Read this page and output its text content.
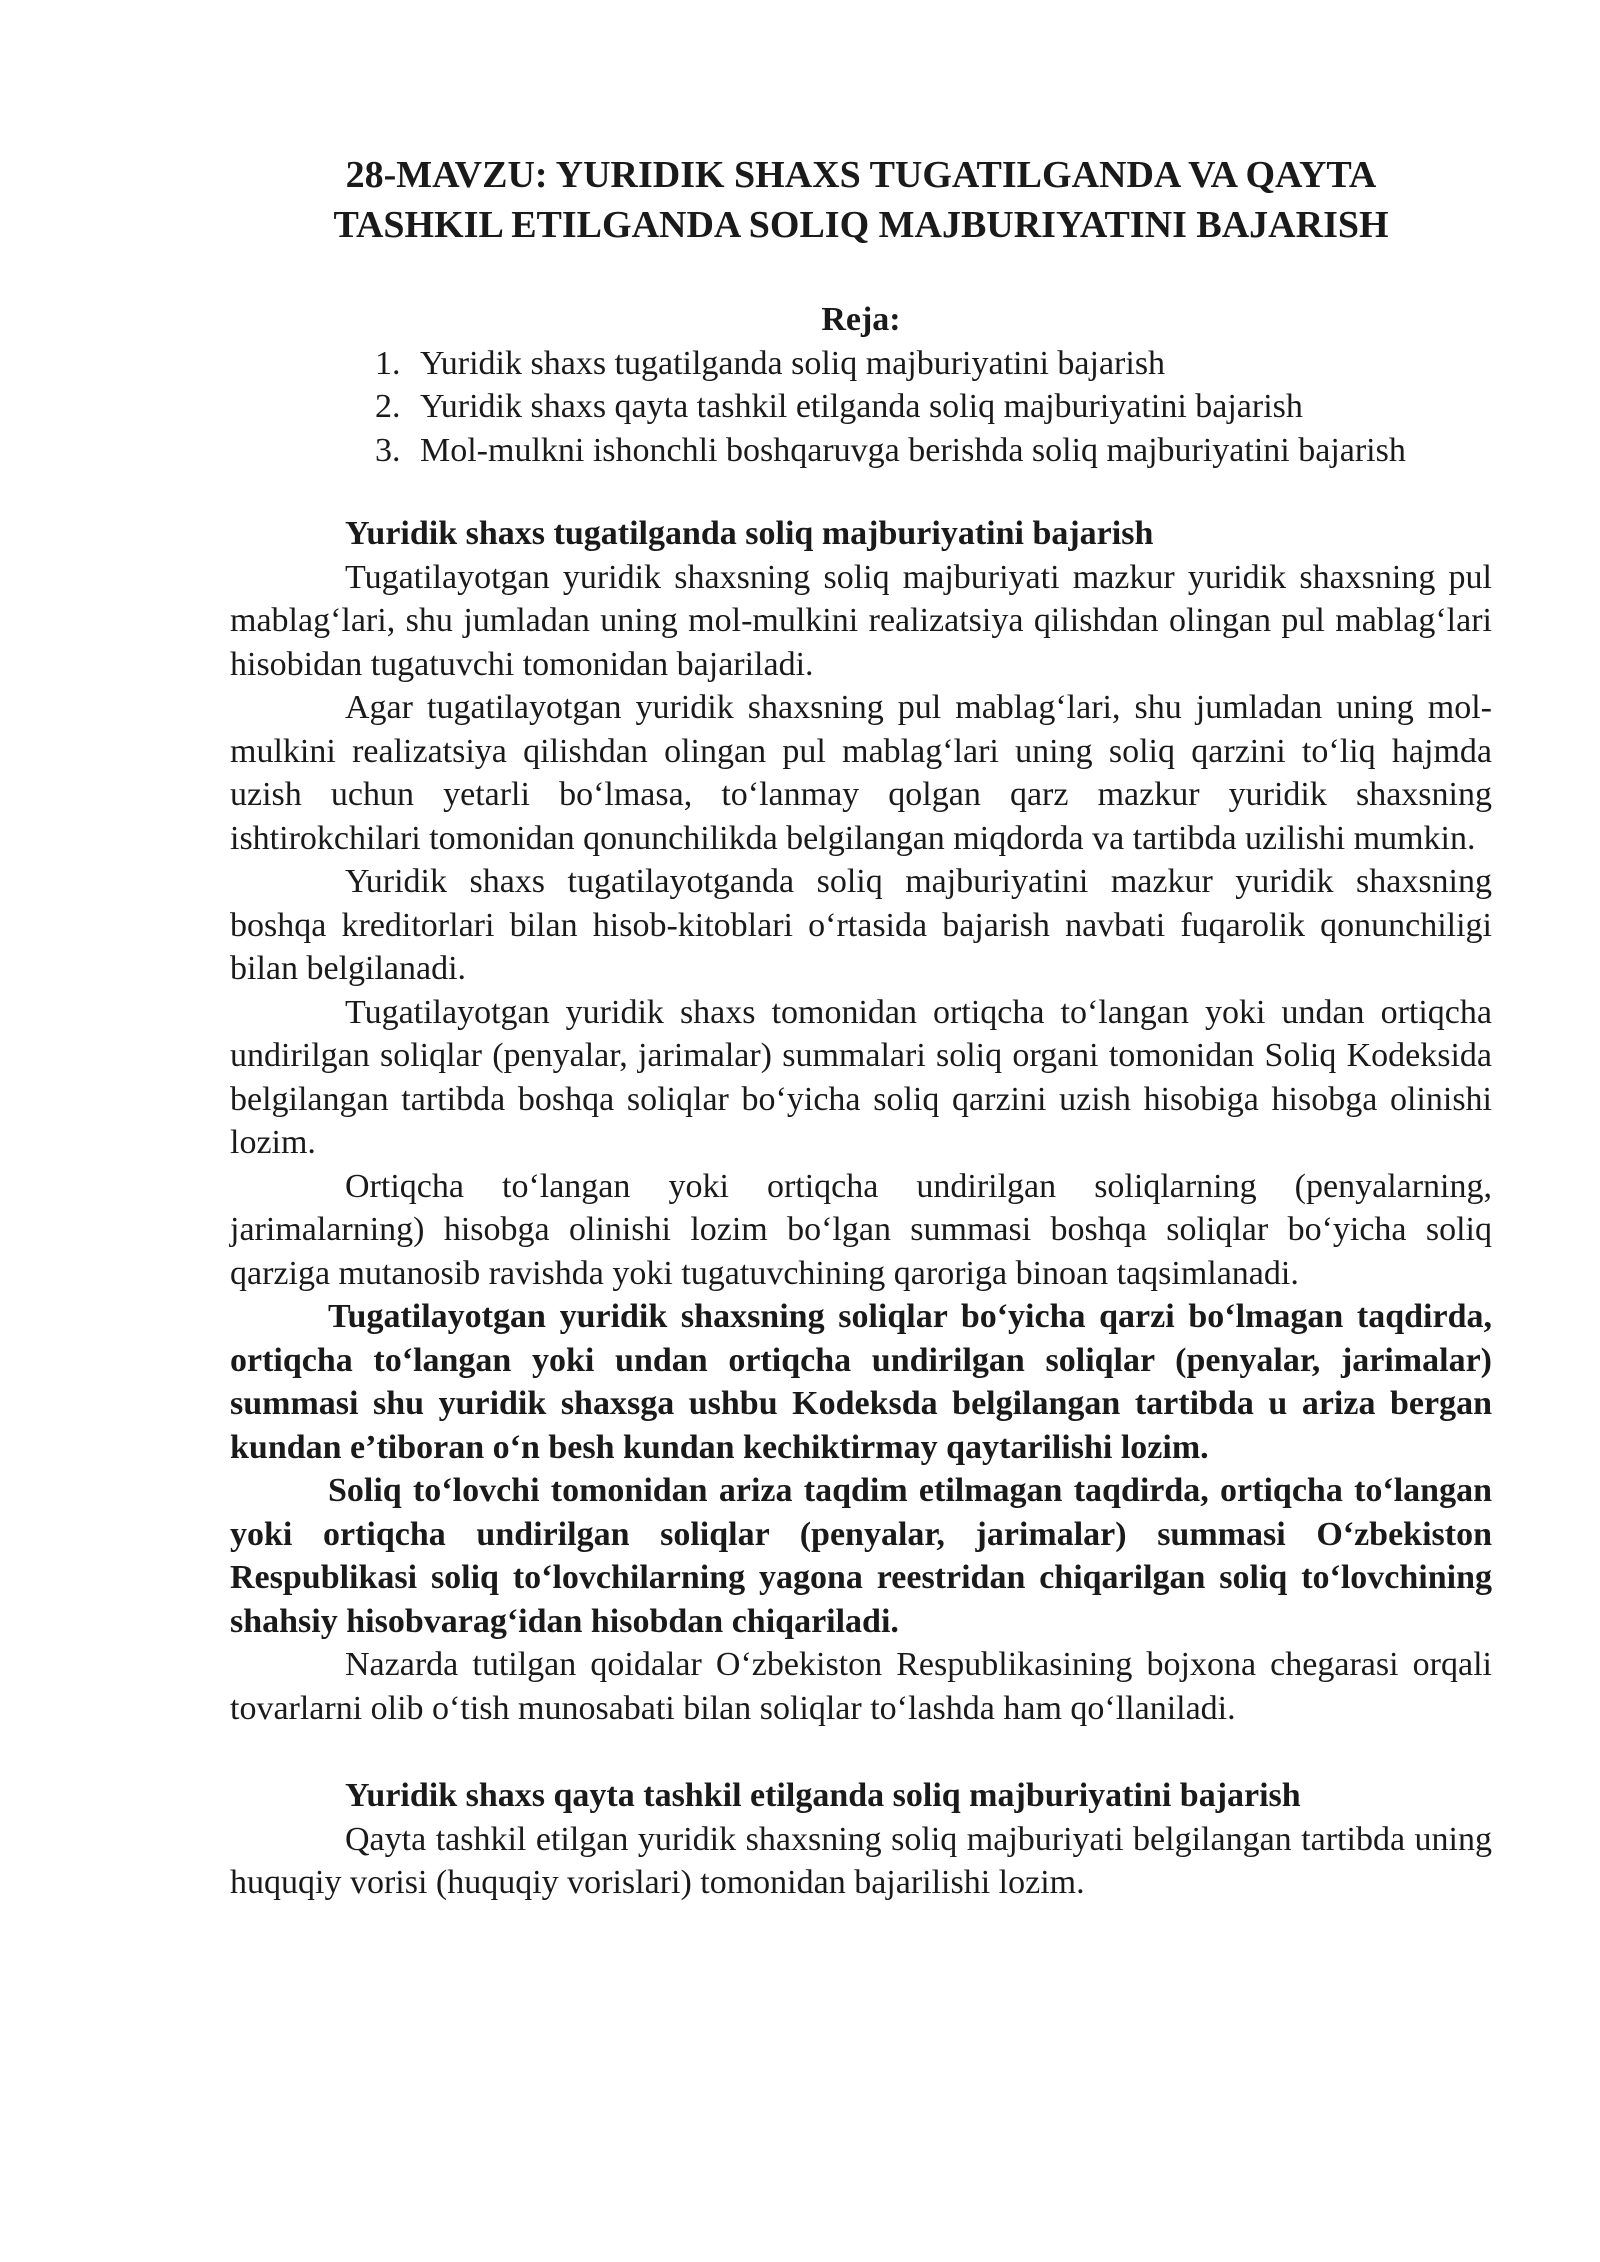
28-MAVZU: YURIDIK SHAXS TUGATILGANDA VA QAYTA
TASHKIL ETILGANDA SOLIQ MAJBURIYATINI BAJARISH
Reja:
1. Yuridik shaxs tugatilganda soliq majburiyatini bajarish
2. Yuridik shaxs qayta tashkil etilganda soliq majburiyatini bajarish
3. Mol-mulkni ishonchli boshqaruvga berishda soliq majburiyatini bajarish
Yuridik shaxs tugatilganda soliq majburiyatini bajarish

Tugatilayotgan yuridik shaxsning soliq majburiyati mazkur yuridik shaxsning pul mablag‘lari, shu jumladan uning mol-mulkini realizatsiya qilishdan olingan pul mablag‘lari hisobidan tugatuvchi tomonidan bajariladi.

Agar tugatilayotgan yuridik shaxsning pul mablag‘lari, shu jumladan uning mol-mulkini realizatsiya qilishdan olingan pul mablag‘lari uning soliq qarzini to‘liq hajmda uzish uchun yetarli bo‘lmasa, to‘lanmay qolgan qarz mazkur yuridik shaxsning ishtirokchilari tomonidan qonunchilikda belgilangan miqdorda va tartibda uzilishi mumkin.

Yuridik shaxs tugatilayotganda soliq majburiyatini mazkur yuridik shaxsning boshqa kreditorlari bilan hisob-kitoblari o‘rtasida bajarish navbati fuqarolik qonunchiligi bilan belgilanadi.

Tugatilayotgan yuridik shaxs tomonidan ortiqcha to‘langan yoki undan ortiqcha undirilgan soliqlar (penyalar, jarimalar) summalari soliq organi tomonidan Soliq Kodeksida belgilangan tartibda boshqa soliqlar bo‘yicha soliq qarzini uzish hisobiga hisobga olinishi lozim.

Ortiqcha to‘langan yoki ortiqcha undirilgan soliqlarning (penyalarning, jarimalarning) hisobga olinishi lozim bo‘lgan summasi boshqa soliqlar bo‘yicha soliq qarziga mutanosib ravishda yoki tugatuvchining qaroriga binoan taqsimlanadi.

Tugatilayotgan yuridik shaxsning soliqlar bo‘yicha qarzi bo‘lmagan taqdirda, ortiqcha to‘langan yoki undan ortiqcha undirilgan soliqlar (penyalar, jarimalar) summasi shu yuridik shaxsga ushbu Kodeksda belgilangan tartibda u ariza bergan kundan e’tiboran o‘n besh kundan kechiktirmay qaytarilishi lozim.

Soliq to‘lovchi tomonidan ariza taqdim etilmagan taqdirda, ortiqcha to‘langan yoki ortiqcha undirilgan soliqlar (penyalar, jarimalar) summasi O‘zbekiston Respublikasi soliq to‘lovchilarning yagona reestridan chiqarilgan soliq to‘lovchining shahsiy hisobvarag‘idan hisobdan chiqariladi.

Nazarda tutilgan qoidalar O‘zbekiston Respublikasining bojxona chegarasi orqali tovarlarni olib o‘tish munosabati bilan soliqlar to‘lashda ham qo‘llaniladi.

Yuridik shaxs qayta tashkil etilganda soliq majburiyatini bajarish

Qayta tashkil etilgan yuridik shaxsning soliq majburiyati belgilangan tartibda uning huquqiy vorisi (huquqiy vorislari) tomonidan bajarilishi lozim.
